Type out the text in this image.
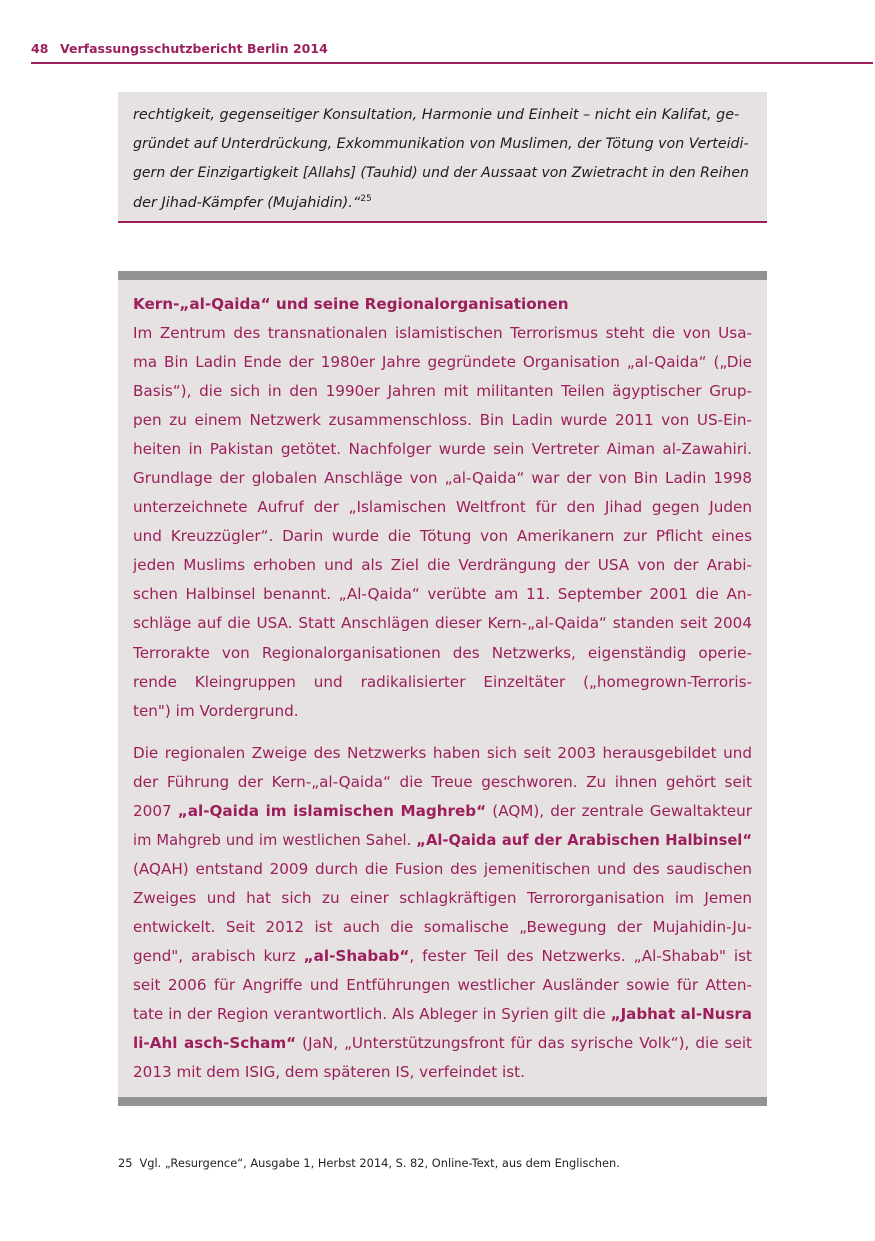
48 Verfassungsschutzbericht Berlin 2014

rechtigkeit, gegenseitiger Konsultation, Harmonie und Einheit – nicht ein Kalifat, ge-
gründet auf Unterdrückung, Exkommunikation von Muslimen, der Tötung von Verteidi-
gern der Einzigartigkeit [Allahs] (Tauhid) und der Aussaat von Zwietracht in den Reihen
der Jihad-Kämpfer (Mujahidin).“$^{25}$

Kern-„al-Qaida“ und seine Regionalorganisationen

Im Zentrum des transnationalen islamistischen Terrorismus steht die von Usa-
ma Bin Ladin Ende der 1980er Jahre gegründete Organisation „al-Qaida“ („Die
Basis“), die sich in den 1990er Jahren mit militanten Teilen ägyptischer Grup-
pen zu einem Netzwerk zusammenschloss. Bin Ladin wurde 2011 von US-Ein-
heiten in Pakistan getötet. Nachfolger wurde sein Vertreter Aiman al-Zawahiri.
Grundlage der globalen Anschläge von „al-Qaida“ war der von Bin Ladin 1998
unterzeichnete Aufruf der „Islamischen Weltfront für den Jihad gegen Juden
und Kreuzzügler“. Darin wurde die Tötung von Amerikanern zur Pflicht eines
jeden Muslims erhoben und als Ziel die Verdrängung der USA von der Arabi-
schen Halbinsel benannt. „Al-Qaida“ verübte am 11. September 2001 die An-
schläge auf die USA. Statt Anschlägen dieser Kern-„al-Qaida“ standen seit 2004
Terrorakte von Regionalorganisationen des Netzwerks, eigenständig operie-
rende Kleingruppen und radikalisierter Einzeltäter („homegrown-Terroris-
ten") im Vordergrund.

Die regionalen Zweige des Netzwerks haben sich seit 2003 herausgebildet und
der Führung der Kern-„al-Qaida“ die Treue geschworen. Zu ihnen gehört seit
2007 „al-Qaida im islamischen Maghreb“ (AQM), der zentrale Gewaltakteur
im Mahgreb und im westlichen Sahel. „Al-Qaida auf der Arabischen Halbinsel“
(AQAH) entstand 2009 durch die Fusion des jemenitischen und des saudischen
Zweiges und hat sich zu einer schlagkräftigen Terrororganisation im Jemen
entwickelt. Seit 2012 ist auch die somalische „Bewegung der Mujahidin-Ju-
gend", arabisch kurz „al-Shabab“, fester Teil des Netzwerks. „Al-Shabab" ist
seit 2006 für Angriffe und Entführungen westlicher Ausländer sowie für Atten-
tate in der Region verantwortlich. Als Ableger in Syrien gilt die „Jabhat al-Nusra
li-Ahl asch-Scham“ (JaN, „Unterstützungsfront für das syrische Volk“), die seit
2013 mit dem ISIG, dem späteren IS, verfeindet ist.

25 Vgl. „Resurgence“, Ausgabe 1, Herbst 2014, S. 82, Online-Text, aus dem Englischen.
